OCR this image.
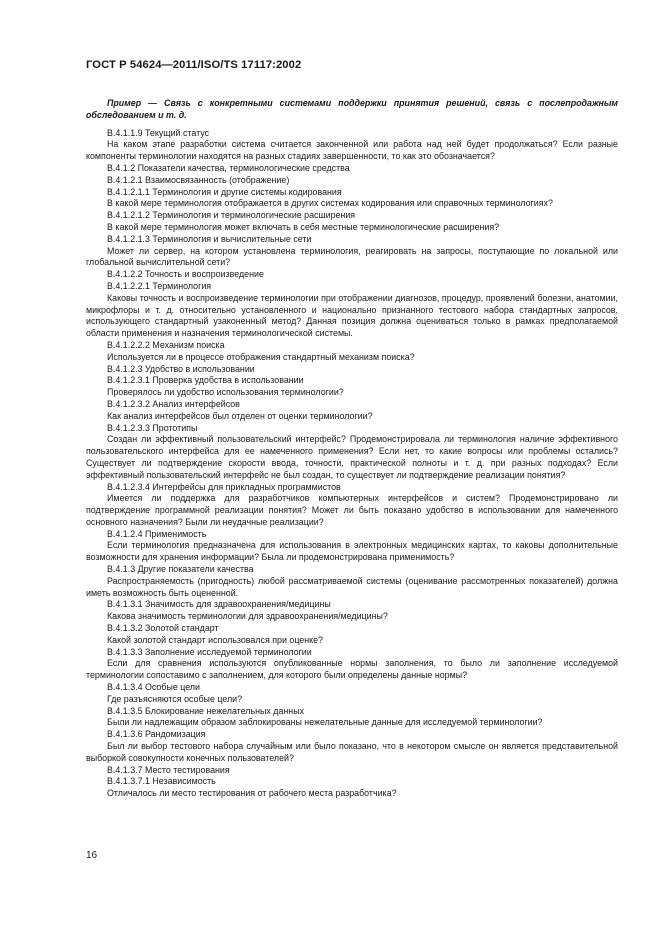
ГОСТ Р 54624—2011/ISO/TS 17117:2002

Пример — Связь с конкретными системами поддержки принятия решений, связь с послепродажным обследованием и т. д.

В.4.1.1.9 Текущий статус

На каком этапе разработки система считается законченной или работа над ней будет продолжаться? Если разные компоненты терминологии находятся на разных стадиях завершенности, то как это обозначается?

В.4.1.2 Показатели качества, терминологические средства

В.4.1.2.1 Взаимосвязанность (отображение)

В.4.1.2.1.1 Терминология и другие системы кодирования

В какой мере терминология отображается в других системах кодирования или справочных терминологиях?

В.4.1.2.1.2 Терминология и терминологические расширения

В какой мере терминология может включать в себя местные терминологические расширения?

В.4.1.2.1.3 Терминология и вычислительные сети

Может ли сервер, на котором установлена терминология, реагировать на запросы, поступающие по локальной или глобальной вычислительной сети?

В.4.1.2.2 Точность и воспроизведение

В.4.1.2.2.1 Терминология

Каковы точность и воспроизведение терминологии при отображении диагнозов, процедур, проявлений болезни, анатомии, микрофлоры и т. д. относительно установленного и национально признанного тестового набора стандартных запросов, использующего стандартный узаконенный метод? Данная позиция должна оцениваться только в рамках предполагаемой области применения и назначения терминологической системы.

В.4.1.2.2.2 Механизм поиска

Используется ли в процессе отображения стандартный механизм поиска?

В.4.1.2.3 Удобство в использовании

В.4.1.2.3.1 Проверка удобства в использовании

Проверялось ли удобство использования терминологии?

В.4.1.2.3.2 Анализ интерфейсов

Как анализ интерфейсов был отделен от оценки терминологии?

В.4.1.2.3.3 Прототипы

Создан ли эффективный пользовательский интерфейс? Продемонстрировала ли терминология наличие эффективного пользовательского интерфейса для ее намеченного применения? Если нет, то какие вопросы или проблемы остались? Существует ли подтверждение скорости ввода, точности, практической полноты и т. д. при разных подходах? Если эффективный пользовательский интерфейс не был создан, то существует ли подтверждение реализации понятия?

В.4.1.2.3.4 Интерфейсы для прикладных программистов

Имеется ли поддержка для разработчиков компьютерных интерфейсов и систем? Продемонстрировано ли подтверждение программной реализации понятия? Может ли быть показано удобство в использовании для намеченного основного назначения? Были ли неудачные реализации?

В.4.1.2.4 Применимость

Если терминология предназначена для использования в электронных медицинских картах, то каковы дополнительные возможности для хранения информации? Была ли продемонстрирована применимость?

В.4.1.3 Другие показатели качества

Распространяемость (пригодность) любой рассматриваемой системы (оценивание рассмотренных показателей) должна иметь возможность быть оцененной.

В.4.1.3.1 Значимость для здравоохранения/медицины

Какова значимость терминологии для здравоохранения/медицины?

В.4.1.3.2 Золотой стандарт

Какой золотой стандарт использовался при оценке?

В.4.1.3.3 Заполнение исследуемой терминологии

Если для сравнения используются опубликованные нормы заполнения, то было ли заполнение исследуемой терминологии сопоставимо с заполнением, для которого были определены данные нормы?

В.4.1.3.4 Особые цели

Где разъясняются особые цели?

В.4.1.3.5 Блокирование нежелательных данных

Были ли надлежащим образом заблокированы нежелательные данные для исследуемой терминологии?

В.4.1.3.6 Рандомизация

Был ли выбор тестового набора случайным или было показано, что в некотором смысле он является представительной выборкой совокупности конечных пользователей?

В.4.1.3.7 Место тестирования

В.4.1.3.7.1 Независимость

Отличалось ли место тестирования от рабочего места разработчика?

16
